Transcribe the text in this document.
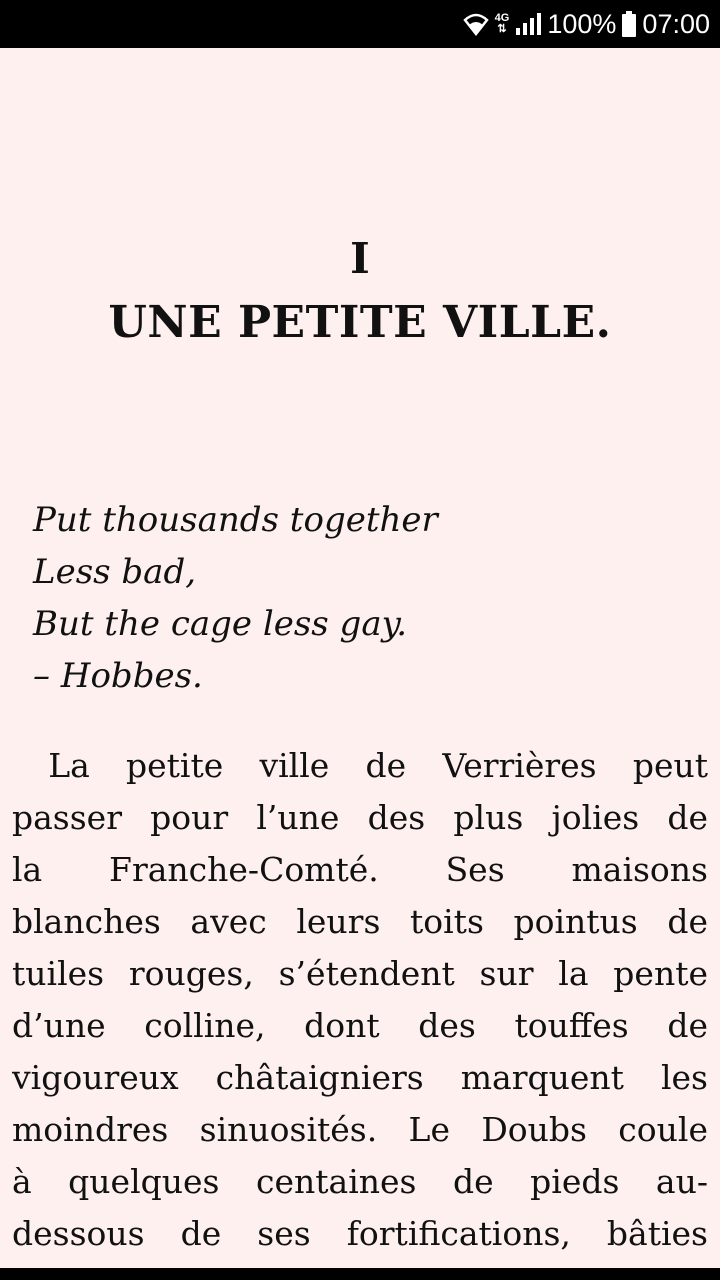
4G
⇅ 100% 07:00
I
UNE PETITE VILLE.
Put thousands together
Less bad,
But the cage less gay.
– Hobbes.
La petite ville de Verrières peut
passer pour l’une des plus jolies de
la Franche-Comté. Ses maisons
blanches avec leurs toits pointus de
tuiles rouges, s’étendent sur la pente
d’une colline, dont des touffes de
vigoureux châtaigniers marquent les
moindres sinuosités. Le Doubs coule
à quelques centaines de pieds au-
dessous de ses fortifications, bâties
